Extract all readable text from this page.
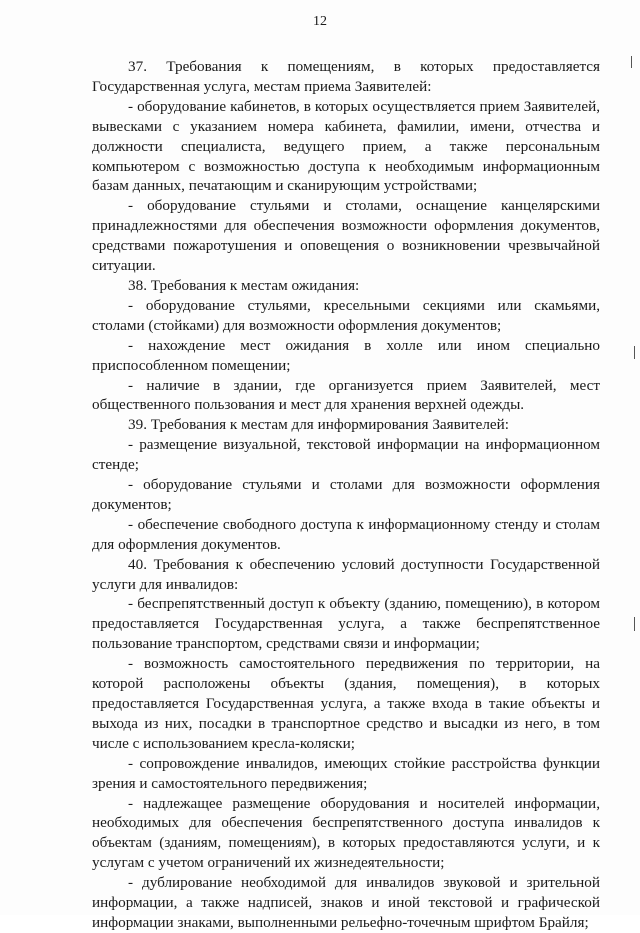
12

37. Требования к помещениям, в которых предоставляется Государственная услуга, местам приема Заявителей:

- оборудование кабинетов, в которых осуществляется прием Заявителей, вывесками с указанием номера кабинета, фамилии, имени, отчества и должности специалиста, ведущего прием, а также персональным компьютером с возможностью доступа к необходимым информационным базам данных, печатающим и сканирующим устройствами;

- оборудование стульями и столами, оснащение канцелярскими принадлежностями для обеспечения возможности оформления документов, средствами пожаротушения и оповещения о возникновении чрезвычайной ситуации.

38. Требования к местам ожидания:

- оборудование стульями, кресельными секциями или скамьями, столами (стойками) для возможности оформления документов;

- нахождение мест ожидания в холле или ином специально приспособленном помещении;

- наличие в здании, где организуется прием Заявителей, мест общественного пользования и мест для хранения верхней одежды.

39. Требования к местам для информирования Заявителей:

- размещение визуальной, текстовой информации на информационном стенде;

- оборудование стульями и столами для возможности оформления документов;

- обеспечение свободного доступа к информационному стенду и столам для оформления документов.

40. Требования к обеспечению условий доступности Государственной услуги для инвалидов:

- беспрепятственный доступ к объекту (зданию, помещению), в котором предоставляется Государственная услуга, а также беспрепятственное пользование транспортом, средствами связи и информации;

- возможность самостоятельного передвижения по территории, на которой расположены объекты (здания, помещения), в которых предоставляется Государственная услуга, а также входа в такие объекты и выхода из них, посадки в транспортное средство и высадки из него, в том числе с использованием кресла-коляски;

- сопровождение инвалидов, имеющих стойкие расстройства функции зрения и самостоятельного передвижения;

- надлежащее размещение оборудования и носителей информации, необходимых для обеспечения беспрепятственного доступа инвалидов к объектам (зданиям, помещениям), в которых предоставляются услуги, и к услугам с учетом ограничений их жизнедеятельности;

- дублирование необходимой для инвалидов звуковой и зрительной информации, а также надписей, знаков и иной текстовой и графической информации знаками, выполненными рельефно-точечным шрифтом Брайля;
